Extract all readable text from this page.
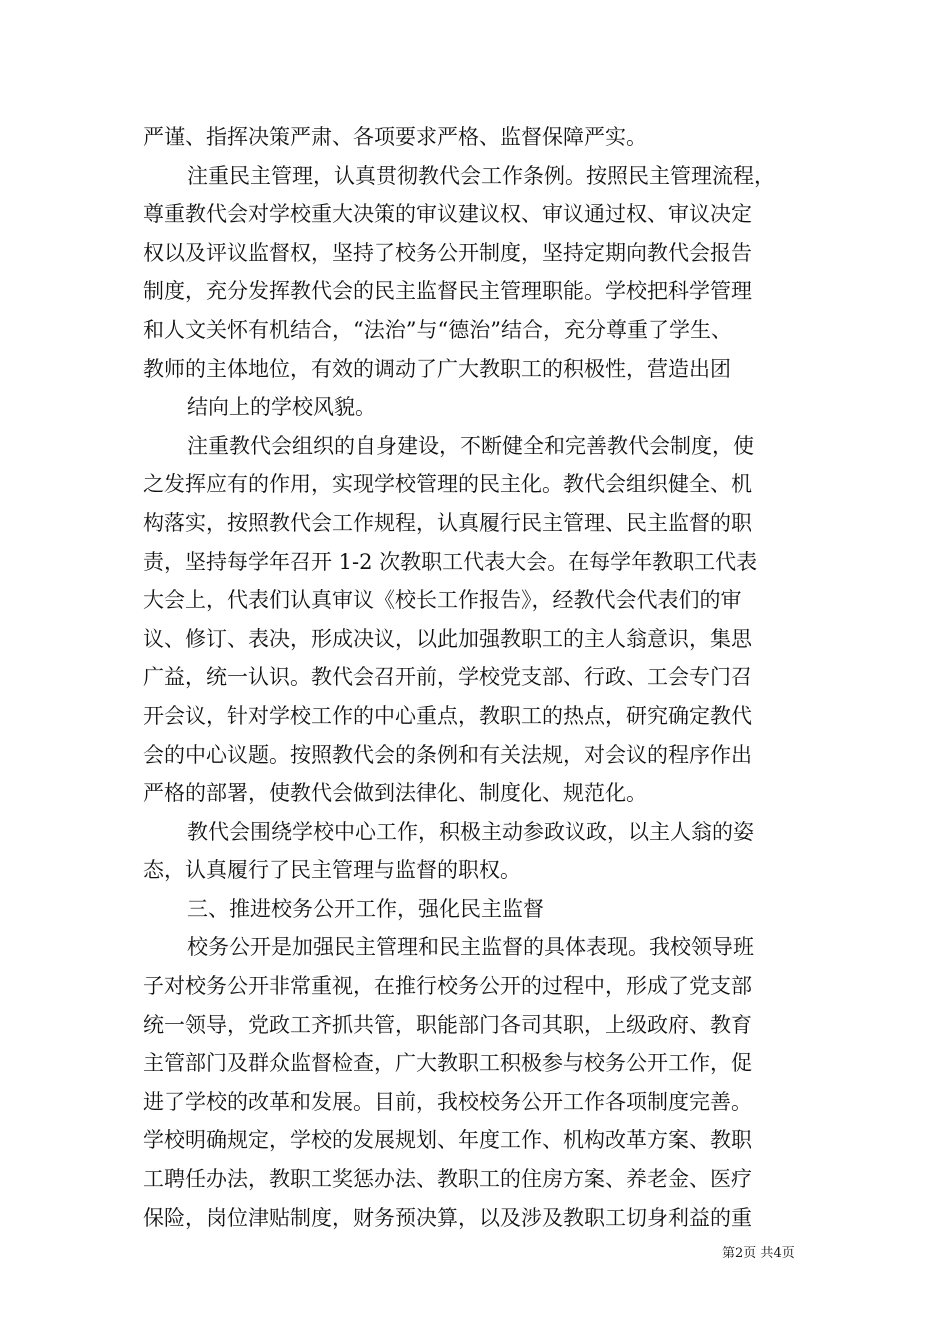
严谨、指挥决策严肃、各项要求严格、监督保障严实。
注重民主管理，认真贯彻教代会工作条例。按照民主管理流程，
尊重教代会对学校重大决策的审议建议权、审议通过权、审议决定
权以及评议监督权，坚持了校务公开制度，坚持定期向教代会报告
制度，充分发挥教代会的民主监督民主管理职能。学校把科学管理
和人文关怀有机结合，“法治”与“德治”结合，充分尊重了学生、
教师的主体地位，有效的调动了广大教职工的积极性，营造出团
结向上的学校风貌。
注重教代会组织的自身建设，不断健全和完善教代会制度，使
之发挥应有的作用，实现学校管理的民主化。教代会组织健全、机
构落实，按照教代会工作规程，认真履行民主管理、民主监督的职
责，坚持每学年召开 1-2 次教职工代表大会。在每学年教职工代表
大会上，代表们认真审议《校长工作报告》，经教代会代表们的审
议、修订、表决，形成决议，以此加强教职工的主人翁意识，集思
广益，统一认识。教代会召开前，学校党支部、行政、工会专门召
开会议，针对学校工作的中心重点，教职工的热点，研究确定教代
会的中心议题。按照教代会的条例和有关法规，对会议的程序作出
严格的部署，使教代会做到法律化、制度化、规范化。
教代会围绕学校中心工作，积极主动参政议政，以主人翁的姿
态，认真履行了民主管理与监督的职权。
三、推进校务公开工作，强化民主监督
校务公开是加强民主管理和民主监督的具体表现。我校领导班
子对校务公开非常重视，在推行校务公开的过程中，形成了党支部
统一领导，党政工齐抓共管，职能部门各司其职，上级政府、教育
主管部门及群众监督检查，广大教职工积极参与校务公开工作，促
进了学校的改革和发展。目前，我校校务公开工作各项制度完善。
学校明确规定，学校的发展规划、年度工作、机构改革方案、教职
工聘任办法，教职工奖惩办法、教职工的住房方案、养老金、医疗
保险，岗位津贴制度，财务预决算，以及涉及教职工切身利益的重
第2页 共4页
